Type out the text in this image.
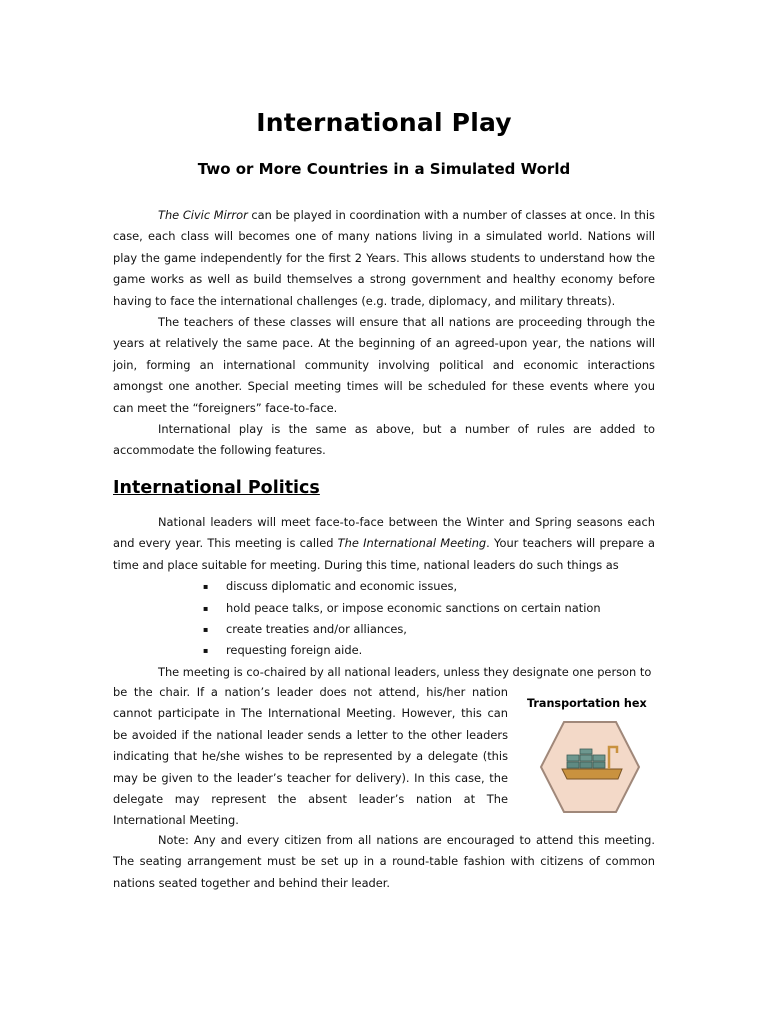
International Play
Two or More Countries in a Simulated World

The Civic Mirror can be played in coordination with a number of classes at once. In this case, each class will becomes one of many nations living in a simulated world. Nations will play the game independently for the first 2 Years. This allows students to understand how the game works as well as build themselves a strong government and healthy economy before having to face the international challenges (e.g. trade, diplomacy, and military threats).

The teachers of these classes will ensure that all nations are proceeding through the years at relatively the same pace. At the beginning of an agreed-upon year, the nations will join, forming an international community involving political and economic interactions amongst one another. Special meeting times will be scheduled for these events where you can meet the “foreigners” face-to-face.

International play is the same as above, but a number of rules are added to accommodate the following features.

International Politics

National leaders will meet face-to-face between the Winter and Spring seasons each and every year. This meeting is called The International Meeting. Your teachers will prepare a time and place suitable for meeting. During this time, national leaders do such things as

▪ discuss diplomatic and economic issues,
▪ hold peace talks, or impose economic sanctions on certain nation
▪ create treaties and/or alliances,
▪ requesting foreign aide.

The meeting is co-chaired by all national leaders, unless they designate one person to

be the chair. If a nation’s leader does not attend, his/her nation cannot participate in The International Meeting. However, this can be avoided if the national leader sends a letter to the other leaders indicating that he/she wishes to be represented by a delegate (this may be given to the leader’s teacher for delivery). In this case, the delegate may represent the absent leader’s nation at The International Meeting.

Note: Any and every citizen from all nations are encouraged to attend this meeting. The seating arrangement must be set up in a round-table fashion with citizens of common nations seated together and behind their leader.

Transportation hex
